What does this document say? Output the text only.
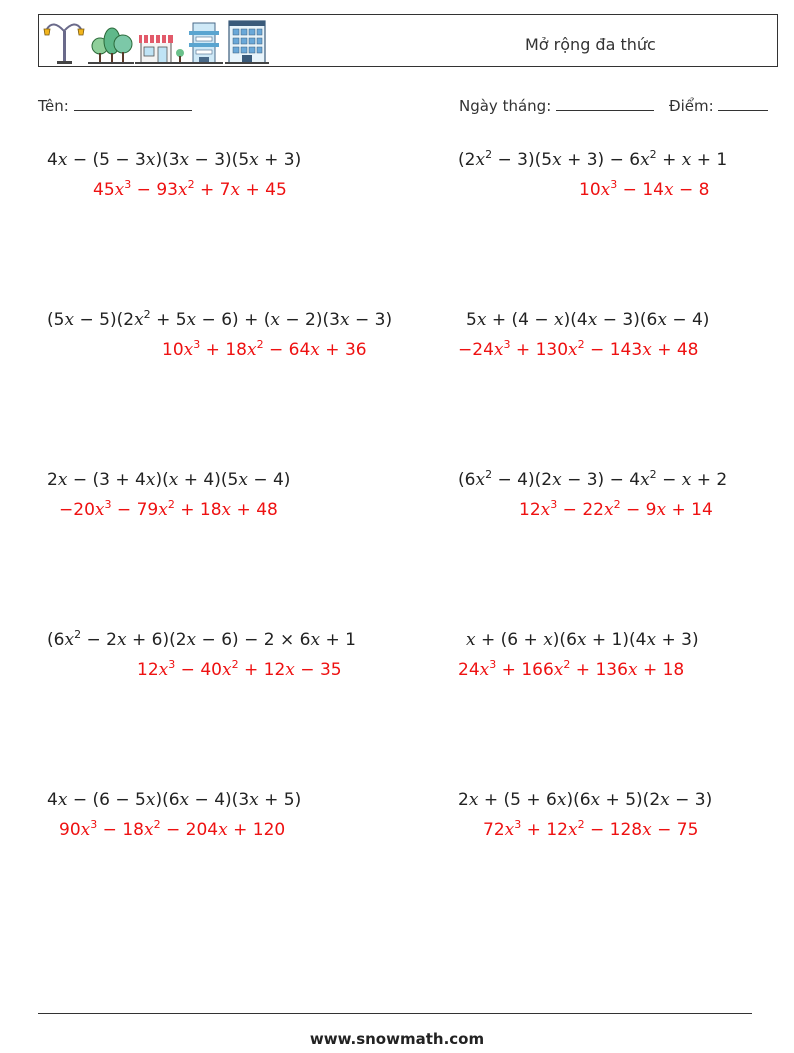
Mở rộng đa thức
Tên:	Ngày tháng:	Điểm:
4x − (5 − 3x)(3x − 3)(5x + 3)
$45x^3 - 93x^2 + 7x + 45$
$(2x^2 - 3)(5x + 3) - 6x^2 + x + 1$
$10x^3 - 14x - 8$
$(5x - 5)(2x^2 + 5x - 6) + (x - 2)(3x - 3)$
$10x^3 + 18x^2 - 64x + 36$
5x + (4 − x)(4x − 3)(6x − 4)
$-24x^3 + 130x^2 - 143x + 48$
2x − (3 + 4x)(x + 4)(5x − 4)
$-20x^3 - 79x^2 + 18x + 48$
$(6x^2 - 4)(2x - 3) - 4x^2 - x + 2$
$12x^3 - 22x^2 - 9x + 14$
$(6x^2 - 2x + 6)(2x - 6) - 2 \times 6x + 1$
$12x^3 - 40x^2 + 12x - 35$
x + (6 + x)(6x + 1)(4x + 3)
$24x^3 + 166x^2 + 136x + 18$
4x − (6 − 5x)(6x − 4)(3x + 5)
$90x^3 - 18x^2 - 204x + 120$
2x + (5 + 6x)(6x + 5)(2x − 3)
$72x^3 + 12x^2 - 128x - 75$
www.snowmath.com
